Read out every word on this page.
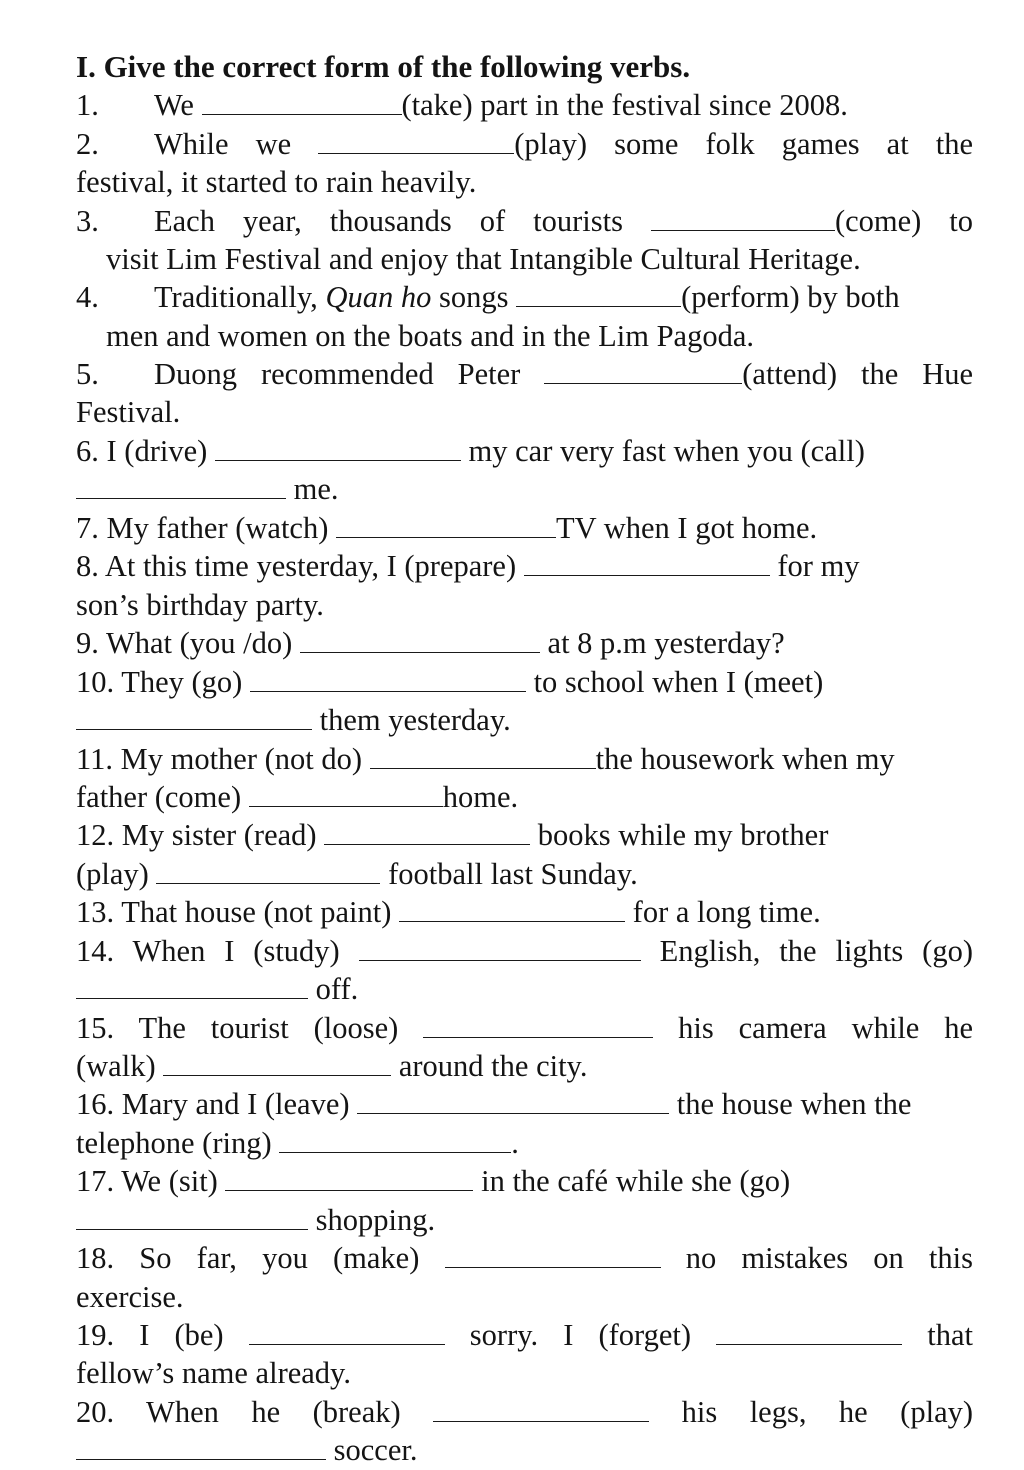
I. Give the correct form of the following verbs.
1. We	(take) part in the festival since 2008.
2. While we	(play) some folk games at the
festival, it started to rain heavily.
3. Each year, thousands of tourists	(come) to
visit Lim Festival and enjoy that Intangible Cultural Heritage.
4. Traditionally, Quan ho songs	(perform) by both
men and women on the boats and in the Lim Pagoda.
5. Duong recommended Peter	(attend) the Hue
Festival.
6. I (drive)	my car very fast when you (call)
me.
7. My father (watch)	TV when I got home.
8. At this time yesterday, I (prepare)	for my
son’s birthday party.
9. What (you /do)	at 8 p.m yesterday?
10. They (go)	to school when I (meet)
them yesterday.
11. My mother (not do)	the housework when my
father (come)	home.
12. My sister (read)	books while my brother
(play)	football last Sunday.
13. That house (not paint)	for a long time.
14. When I (study)	English, the lights (go)
off.
15. The tourist (loose)	his camera while he
(walk)	around the city.
16. Mary and I (leave)	the house when the
telephone (ring)	.
17. We (sit)	in the café while she (go)
shopping.
18. So far, you (make)	no mistakes on this
exercise.
19. I (be)	sorry. I (forget)	that
fellow’s name already.
20. When he (break)	his legs, he (play)
soccer.
